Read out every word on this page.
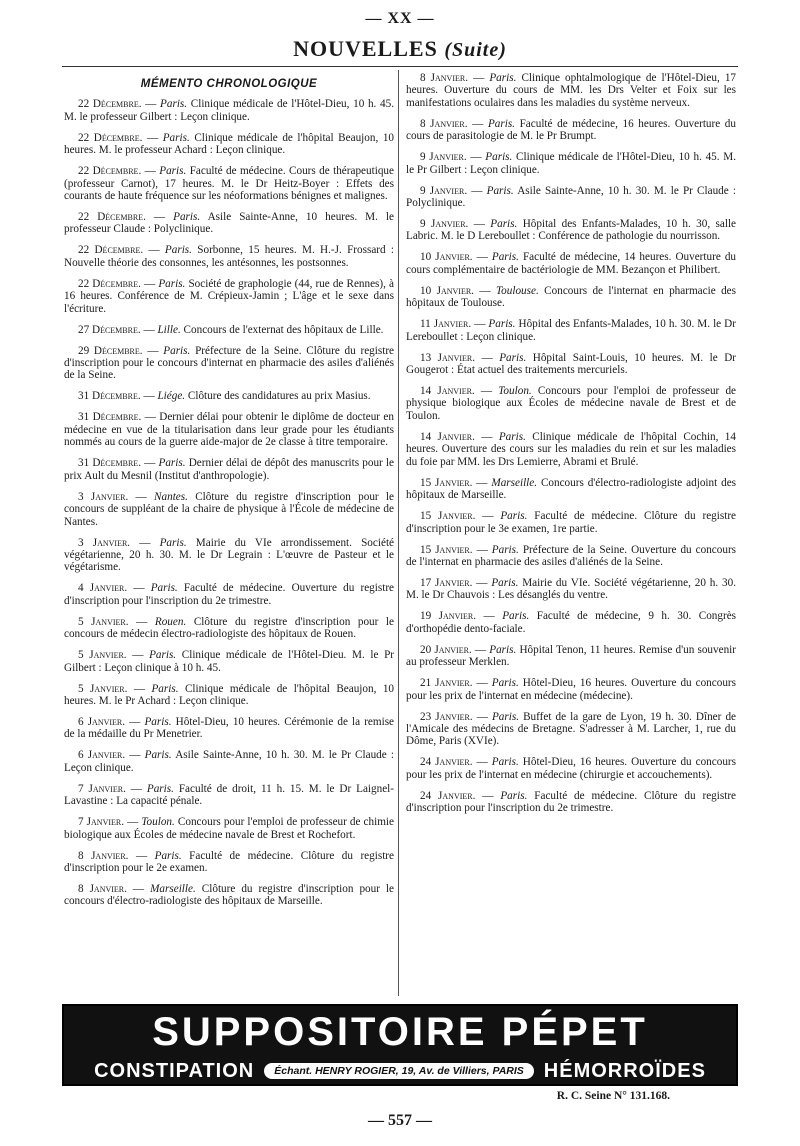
— XX —
NOUVELLES (Suite)
MÉMENTO CHRONOLOGIQUE

22 Décembre. — Paris. Clinique médicale de l'Hôtel-Dieu, 10 h. 45. M. le professeur Gilbert : Leçon clinique.

22 Décembre. — Paris. Clinique médicale de l'hôpital Beaujon, 10 heures. M. le professeur Achard : Leçon clinique.

22 Décembre. — Paris. Faculté de médecine. Cours de thérapeutique (professeur Carnot), 17 heures. M. le Dr Heitz-Boyer : Effets des courants de haute fréquence sur les néoformations bénignes et malignes.

22 Décembre. — Paris. Asile Sainte-Anne, 10 heures. M. le professeur Claude : Polyclinique.

22 Décembre. — Paris. Sorbonne, 15 heures. M. H.-J. Frossard : Nouvelle théorie des consonnes, les antésonnes, les postsonnes.

22 Décembre. — Paris. Société de graphologie (44, rue de Rennes), à 16 heures. Conférence de M. Crépieux-Jamin ; L'âge et le sexe dans l'écriture.

27 Décembre. — Lille. Concours de l'externat des hôpitaux de Lille.

29 Décembre. — Paris. Préfecture de la Seine. Clôture du registre d'inscription pour le concours d'internat en pharmacie des asiles d'aliénés de la Seine.

31 Décembre. — Liége. Clôture des candidatures au prix Masius.

31 Décembre. — Dernier délai pour obtenir le diplôme de docteur en médecine en vue de la titularisation dans leur grade pour les étudiants nommés au cours de la guerre aide-major de 2e classe à titre temporaire.

31 Décembre. — Paris. Dernier délai de dépôt des manuscrits pour le prix Ault du Mesnil (Institut d'anthropologie).

3 Janvier. — Nantes. Clôture du registre d'inscription pour le concours de suppléant de la chaire de physique à l'École de médecine de Nantes.

3 Janvier. — Paris. Mairie du VIe arrondissement. Société végétarienne, 20 h. 30. M. le Dr Legrain : L'œuvre de Pasteur et le végétarisme.

4 Janvier. — Paris. Faculté de médecine. Ouverture du registre d'inscription pour l'inscription du 2e trimestre.

5 Janvier. — Rouen. Clôture du registre d'inscription pour le concours de médecin électro-radiologiste des hôpitaux de Rouen.

5 Janvier. — Paris. Clinique médicale de l'Hôtel-Dieu. M. le Pr Gilbert : Leçon clinique à 10 h. 45.

5 Janvier. — Paris. Clinique médicale de l'hôpital Beaujon, 10 heures. M. le Pr Achard : Leçon clinique.

6 Janvier. — Paris. Hôtel-Dieu, 10 heures. Cérémonie de la remise de la médaille du Pr Menetrier.

6 Janvier. — Paris. Asile Sainte-Anne, 10 h. 30. M. le Pr Claude : Leçon clinique.

7 Janvier. — Paris. Faculté de droit, 11 h. 15. M. le Dr Laignel-Lavastine : La capacité pénale.

7 Janvier. — Toulon. Concours pour l'emploi de professeur de chimie biologique aux Écoles de médecine navale de Brest et Rochefort.

8 Janvier. — Paris. Faculté de médecine. Clôture du registre d'inscription pour le 2e examen.

8 Janvier. — Marseille. Clôture du registre d'inscription pour le concours d'électro-radiologiste des hôpitaux de Marseille.

8 Janvier. — Paris. Clinique ophtalmologique de l'Hôtel-Dieu, 17 heures. Ouverture du cours de MM. les Drs Velter et Foix sur les manifestations oculaires dans les maladies du système nerveux.

8 Janvier. — Paris. Faculté de médecine, 16 heures. Ouverture du cours de parasitologie de M. le Pr Brumpt.

9 Janvier. — Paris. Clinique médicale de l'Hôtel-Dieu, 10 h. 45. M. le Pr Gilbert : Leçon clinique.

9 Janvier. — Paris. Asile Sainte-Anne, 10 h. 30. M. le Pr Claude : Polyclinique.

9 Janvier. — Paris. Hôpital des Enfants-Malades, 10 h. 30, salle Labric. M. le D Lereboullet : Conférence de pathologie du nourrisson.

10 Janvier. — Paris. Faculté de médecine, 14 heures. Ouverture du cours complémentaire de bactériologie de MM. Bezançon et Philibert.

10 Janvier. — Toulouse. Concours de l'internat en pharmacie des hôpitaux de Toulouse.

11 Janvier. — Paris. Hôpital des Enfants-Malades, 10 h. 30. M. le Dr Lereboullet : Leçon clinique.

13 Janvier. — Paris. Hôpital Saint-Louis, 10 heures. M. le Dr Gougerot : État actuel des traitements mercuriels.

14 Janvier. — Toulon. Concours pour l'emploi de professeur de physique biologique aux Écoles de médecine navale de Brest et de Toulon.

14 Janvier. — Paris. Clinique médicale de l'hôpital Cochin, 14 heures. Ouverture des cours sur les maladies du rein et sur les maladies du foie par MM. les Drs Lemierre, Abrami et Brulé.

15 Janvier. — Marseille. Concours d'électro-radiologiste adjoint des hôpitaux de Marseille.

15 Janvier. — Paris. Faculté de médecine. Clôture du registre d'inscription pour le 3e examen, 1re partie.

15 Janvier. — Paris. Préfecture de la Seine. Ouverture du concours de l'internat en pharmacie des asiles d'aliénés de la Seine.

17 Janvier. — Paris. Mairie du VIe. Société végétarienne, 20 h. 30. M. le Dr Chauvois : Les désanglés du ventre.

19 Janvier. — Paris. Faculté de médecine, 9 h. 30. Congrès d'orthopédie dento-faciale.

20 Janvier. — Paris. Hôpital Tenon, 11 heures. Remise d'un souvenir au professeur Merklen.

21 Janvier. — Paris. Hôtel-Dieu, 16 heures. Ouverture du concours pour les prix de l'internat en médecine (médecine).

23 Janvier. — Paris. Buffet de la gare de Lyon, 19 h. 30. Dîner de l'Amicale des médecins de Bretagne. S'adresser à M. Larcher, 1, rue du Dôme, Paris (XVIe).

24 Janvier. — Paris. Hôtel-Dieu, 16 heures. Ouverture du concours pour les prix de l'internat en médecine (chirurgie et accouchements).

24 Janvier. — Paris. Faculté de médecine. Clôture du registre d'inscription pour l'inscription du 2e trimestre.

SUPPOSITOIRE PÉPET
CONSTIPATION	Échant. HENRY ROGIER, 19, Av. de Villiers, PARIS	HÉMORROÏDES
R. C. Seine N° 131.168.
— 557 —
